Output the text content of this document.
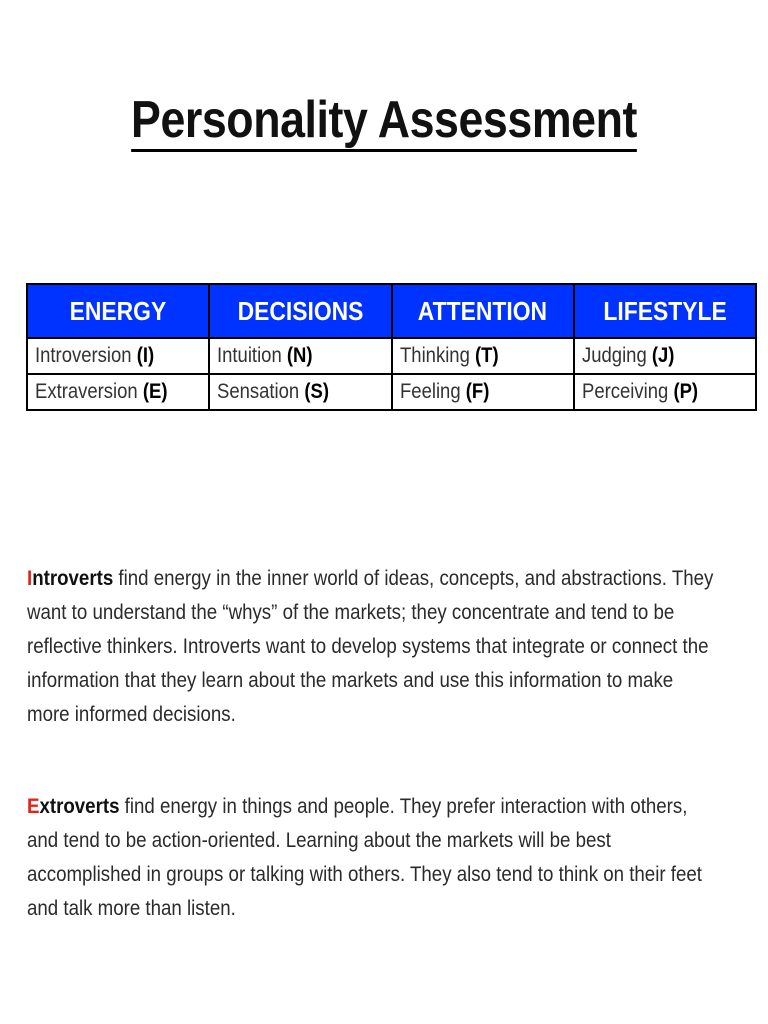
Personality Assessment
ENERGY	DECISIONS	ATTENTION	LIFESTYLE
Introversion (I)	Intuition (N)	Thinking (T)	Judging (J)
Extraversion (E)	Sensation (S)	Feeling (F)	Perceiving (P)
Introverts find energy in the inner world of ideas, concepts, and abstractions. They
want to understand the “whys” of the markets; they concentrate and tend to be
reflective thinkers. Introverts want to develop systems that integrate or connect the
information that they learn about the markets and use this information to make
more informed decisions.
Extroverts find energy in things and people. They prefer interaction with others,
and tend to be action-oriented. Learning about the markets will be best
accomplished in groups or talking with others. They also tend to think on their feet
and talk more than listen.
